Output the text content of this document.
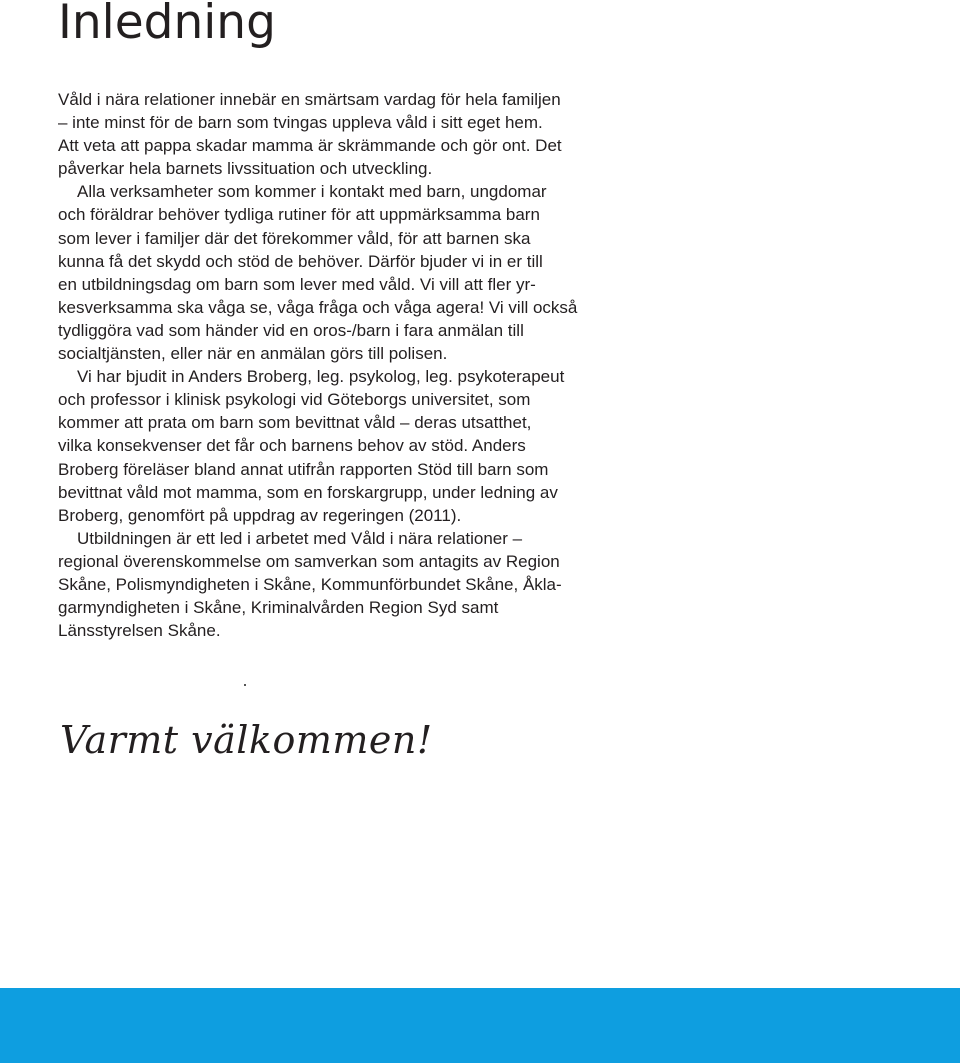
Inledning
Våld i nära relationer innebär en smärtsam vardag för hela familjen
– inte minst för de barn som tvingas uppleva våld i sitt eget hem.
Att veta att pappa skadar mamma är skrämmande och gör ont. Det
påverkar hela barnets livssituation och utveckling.
Alla verksamheter som kommer i kontakt med barn, ungdomar
och föräldrar behöver tydliga rutiner för att uppmärksamma barn
som lever i familjer där det förekommer våld, för att barnen ska
kunna få det skydd och stöd de behöver. Därför bjuder vi in er till
en utbildningsdag om barn som lever med våld. Vi vill att fler yr-
kesverksamma ska våga se, våga fråga och våga agera! Vi vill också
tydliggöra vad som händer vid en oros-/barn i fara anmälan till
socialtjänsten, eller när en anmälan görs till polisen.
Vi har bjudit in Anders Broberg, leg. psykolog, leg. psykoterapeut
och professor i klinisk psykologi vid Göteborgs universitet, som
kommer att prata om barn som bevittnat våld – deras utsatthet,
vilka konsekvenser det får och barnens behov av stöd. Anders
Broberg föreläser bland annat utifrån rapporten Stöd till barn som
bevittnat våld mot mamma, som en forskargrupp, under ledning av
Broberg, genomfört på uppdrag av regeringen (2011).
Utbildningen är ett led i arbetet med Våld i nära relationer –
regional överenskommelse om samverkan som antagits av Region
Skåne, Polismyndigheten i Skåne, Kommunförbundet Skåne, Åkla-
garmyndigheten i Skåne, Kriminalvården Region Syd samt
Länsstyrelsen Skåne.

Varmt välkommen!
